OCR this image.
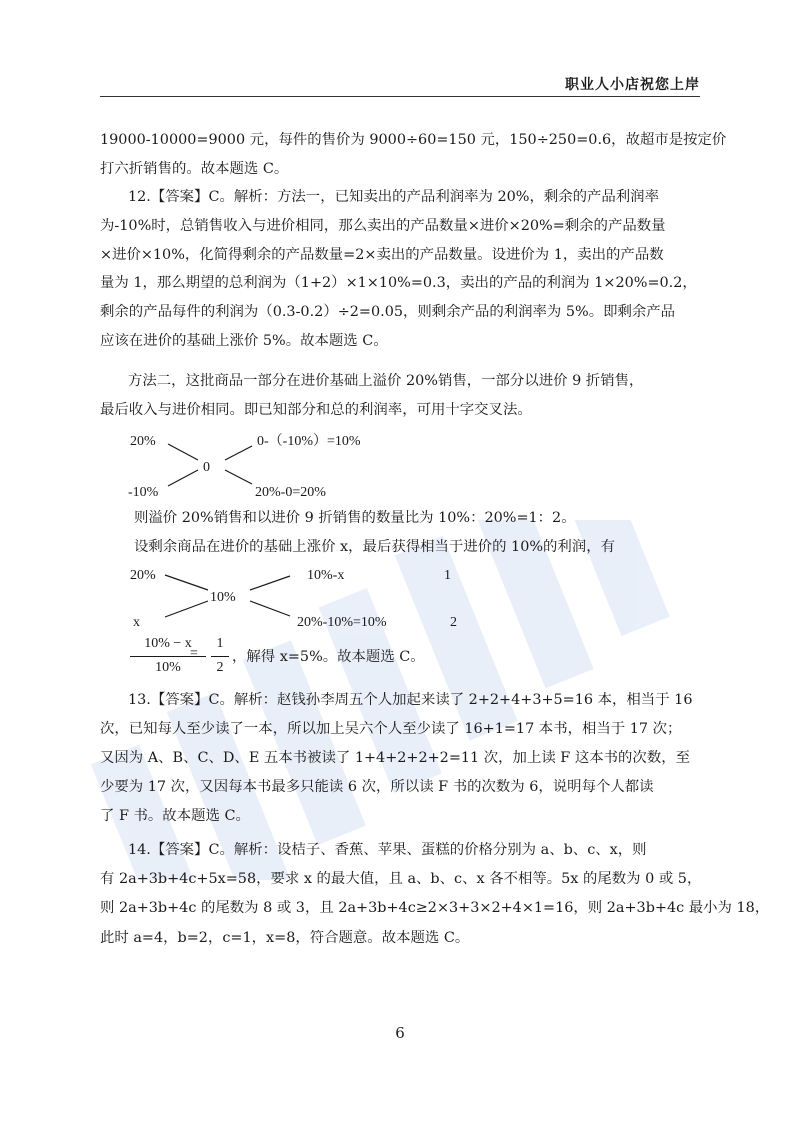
职业人小店祝您上岸
19000-10000=9000 元，每件的售价为 9000÷60=150 元，150÷250=0.6，故超市是按定价
打六折销售的。故本题选 C。
12.【答案】C。解析：方法一，已知卖出的产品利润率为 20%，剩余的产品利润率
为-10%时，总销售收入与进价相同，那么卖出的产品数量×进价×20%=剩余的产品数量
×进价×10%，化简得剩余的产品数量=2×卖出的产品数量。设进价为 1，卖出的产品数
量为 1，那么期望的总利润为（1+2）×1×10%=0.3，卖出的产品的利润为 1×20%=0.2，
剩余的产品每件的利润为（0.3-0.2）÷2=0.05，则剩余产品的利润率为 5%。即剩余产品
应该在进价的基础上涨价 5%。故本题选 C。
方法二，这批商品一部分在进价基础上溢价 20%销售，一部分以进价 9 折销售，
最后收入与进价相同。即已知部分和总的利润率，可用十字交叉法。
20%
-10%
0
0-（-10%）=10%
20%-0=20%
则溢价 20%销售和以进价 9 折销售的数量比为 10%：20%=1：2。
设剩余商品在进价的基础上涨价 x，最后获得相当于进价的 10%的利润，有
20%
x
10%
10%-x
20%-10%=10%
1
2
10% − x
10%
=
1
2
，解得 x=5%。故本题选 C。
13.【答案】C。解析：赵钱孙李周五个人加起来读了 2+2+4+3+5=16 本，相当于 16
次，已知每人至少读了一本，所以加上吴六个人至少读了 16+1=17 本书，相当于 17 次；
又因为 A、B、C、D、E 五本书被读了 1+4+2+2+2=11 次，加上读 F 这本书的次数，至
少要为 17 次，又因每本书最多只能读 6 次，所以读 F 书的次数为 6，说明每个人都读
了 F 书。故本题选 C。
14.【答案】C。解析：设桔子、香蕉、苹果、蛋糕的价格分别为 a、b、c、x，则
有 2a+3b+4c+5x=58，要求 x 的最大值，且 a、b、c、x 各不相等。5x 的尾数为 0 或 5，
则 2a+3b+4c 的尾数为 8 或 3，且 2a+3b+4c≥2×3+3×2+4×1=16，则 2a+3b+4c 最小为 18，
此时 a=4，b=2，c=1，x=8，符合题意。故本题选 C。
6
